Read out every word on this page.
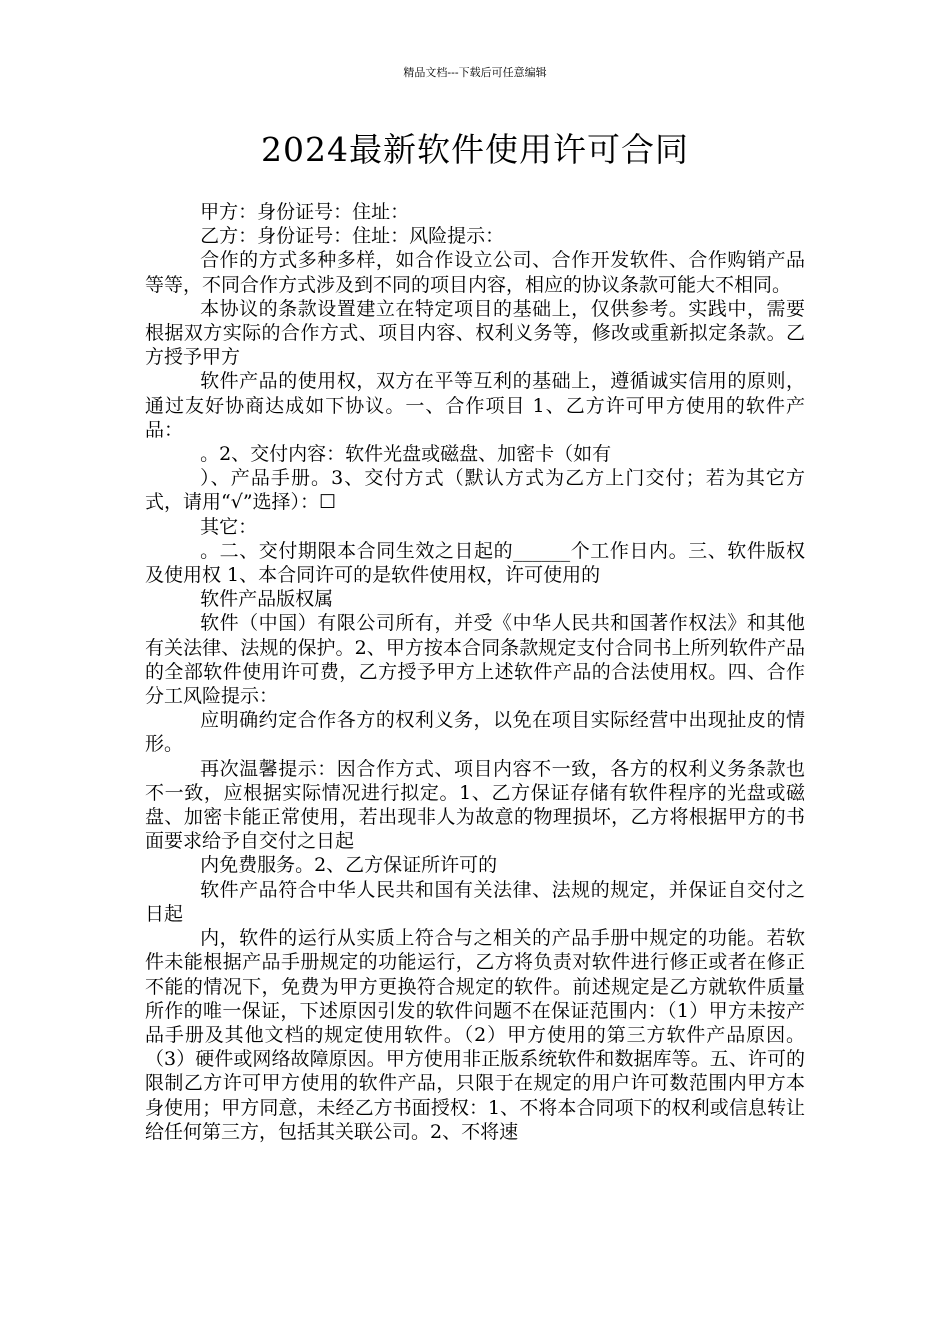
精品文档---下载后可任意编辑
2024最新软件使用许可合同

甲方：身份证号：住址：

乙方：身份证号：住址：风险提示：

合作的方式多种多样，如合作设立公司、合作开发软件、合作购销产品等等，不同合作方式涉及到不同的项目内容，相应的协议条款可能大不相同。

本协议的条款设置建立在特定项目的基础上，仅供参考。实践中，需要根据双方实际的合作方式、项目内容、权利义务等，修改或重新拟定条款。乙方授予甲方

软件产品的使用权，双方在平等互利的基础上，遵循诚实信用的原则，通过友好协商达成如下协议。一、合作项目 1、乙方许可甲方使用的软件产品：

。2、交付内容：软件光盘或磁盘、加密卡（如有

）、产品手册。3、交付方式（默认方式为乙方上门交付；若为其它方式，请用“√”选择）：☐

其它：

。二、交付期限本合同生效之日起的______个工作日内。三、软件版权及使用权 1、本合同许可的是软件使用权，许可使用的

软件产品版权属

软件（中国）有限公司所有，并受《中华人民共和国著作权法》和其他有关法律、法规的保护。2、甲方按本合同条款规定支付合同书上所列软件产品的全部软件使用许可费，乙方授予甲方上述软件产品的合法使用权。四、合作分工风险提示：

应明确约定合作各方的权利义务，以免在项目实际经营中出现扯皮的情形。

再次温馨提示：因合作方式、项目内容不一致，各方的权利义务条款也不一致，应根据实际情况进行拟定。1、乙方保证存储有软件程序的光盘或磁盘、加密卡能正常使用，若出现非人为故意的物理损坏，乙方将根据甲方的书面要求给予自交付之日起

内免费服务。2、乙方保证所许可的

软件产品符合中华人民共和国有关法律、法规的规定，并保证自交付之日起

内，软件的运行从实质上符合与之相关的产品手册中规定的功能。若软件未能根据产品手册规定的功能运行，乙方将负责对软件进行修正或者在修正不能的情况下，免费为甲方更换符合规定的软件。前述规定是乙方就软件质量所作的唯一保证，下述原因引发的软件问题不在保证范围内：（1）甲方未按产品手册及其他文档的规定使用软件。（2）甲方使用的第三方软件产品原因。（3）硬件或网络故障原因。甲方使用非正版系统软件和数据库等。五、许可的限制乙方许可甲方使用的软件产品，只限于在规定的用户许可数范围内甲方本身使用；甲方同意，未经乙方书面授权：1、不将本合同项下的权利或信息转让给任何第三方，包括其关联公司。2、不将速
